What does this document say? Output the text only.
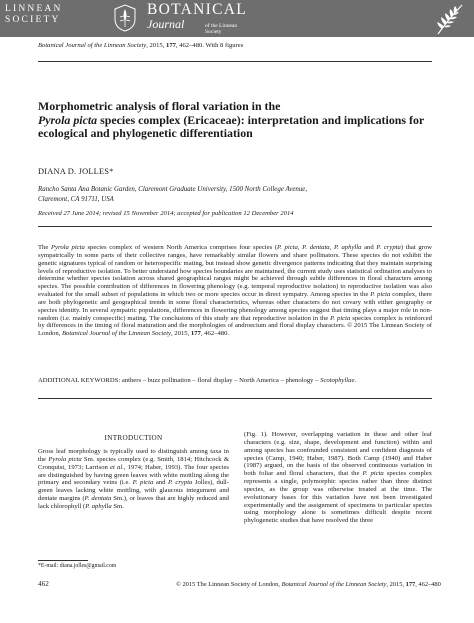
LINNEAN
SOCIETY
BOTANICAL
Journal	of the Linnean
Society
Botanical Journal of the Linnean Society, 2015, 177, 462–480. With 8 figures
Morphometric analysis of floral variation in the
Pyrola picta species complex (Ericaceae): interpretation and implications for ecological and phylogenetic differentiation
DIANA D. JOLLES*
Rancho Santa Ana Botanic Garden, Claremont Graduate University, 1500 North College Avenue,
Claremont, CA 91711, USA
Received 27 June 2014; revised 15 November 2014; accepted for publication 12 December 2014
The Pyrola picta species complex of western North America comprises four species (P. picta, P. dentata, P. aphylla and P. crypta) that grow sympatrically in some parts of their collective ranges, have remarkably similar flowers and share pollinators. These species do not exhibit the genetic signatures typical of random or heterospecific mating, but instead show genetic divergence patterns indicating that they maintain surprising levels of reproductive isolation. To better understand how species boundaries are maintained, the current study uses statistical ordination analyses to determine whether species isolation across shared geographical ranges might be achieved through subtle differences in floral characters among species. The possible contribution of differences in flowering phenology (e.g. temporal reproductive isolation) to reproductive isolation was also evaluated for the small subset of populations in which two or more species occur in direct sympatry. Among species in the P. picta complex, there are both phylogenetic and geographical trends in some floral characteristics, whereas other characters do not covary with either geography or species identity. In several sympatric populations, differences in flowering phenology among species suggest that timing plays a major role in non-random (i.e. mainly conspecific) mating. The conclusions of this study are that reproductive isolation in the P. picta species complex is reinforced by differences in the timing of floral maturation and the morphologies of androecium and floral display characters. © 2015 The Linnean Society of London, Botanical Journal of the Linnean Society, 2015, 177, 462–480.
ADDITIONAL KEYWORDS: anthers – buzz pollination – floral display – North America – phenology – Scotophyllae.
INTRODUCTION
Gross leaf morphology is typically used to distinguish among taxa in the Pyrola picta Sm. species complex (e.g. Smith, 1814; Hitchcock & Cronquist, 1973; Larrison et al., 1974; Haber, 1993). The four species are distinguished by having green leaves with white mottling along the primary and secondary veins (i.e. P. picta and P. crypta Jolles), dull-green leaves lacking white mottling, with glaucous integument and dentate margins (P. dentata Sm.), or leaves that are highly reduced and lack chlorophyll (P. aphylla Sm.
(Fig. 1). However, overlapping variation in these and other leaf characters (e.g. size, shape, development and function) within and among species has confounded consistent and confident diagnosis of species (Camp, 1940; Haber, 1987). Both Camp (1940) and Haber (1987) argued, on the basis of the observed continuous variation in both foliar and floral characters, that the P. picta species complex represents a single, polymorphic species rather than three distinct species, as the group was otherwise treated at the time. The evolutionary bases for this variation have not been investigated experimentally and the assignment of specimens to particular species using morphology alone is sometimes difficult despite recent phylogenetic studies that have resolved the three
*E-mail: diana.jolles@gmail.com
462	© 2015 The Linnean Society of London, Botanical Journal of the Linnean Society, 2015, 177, 462–480
